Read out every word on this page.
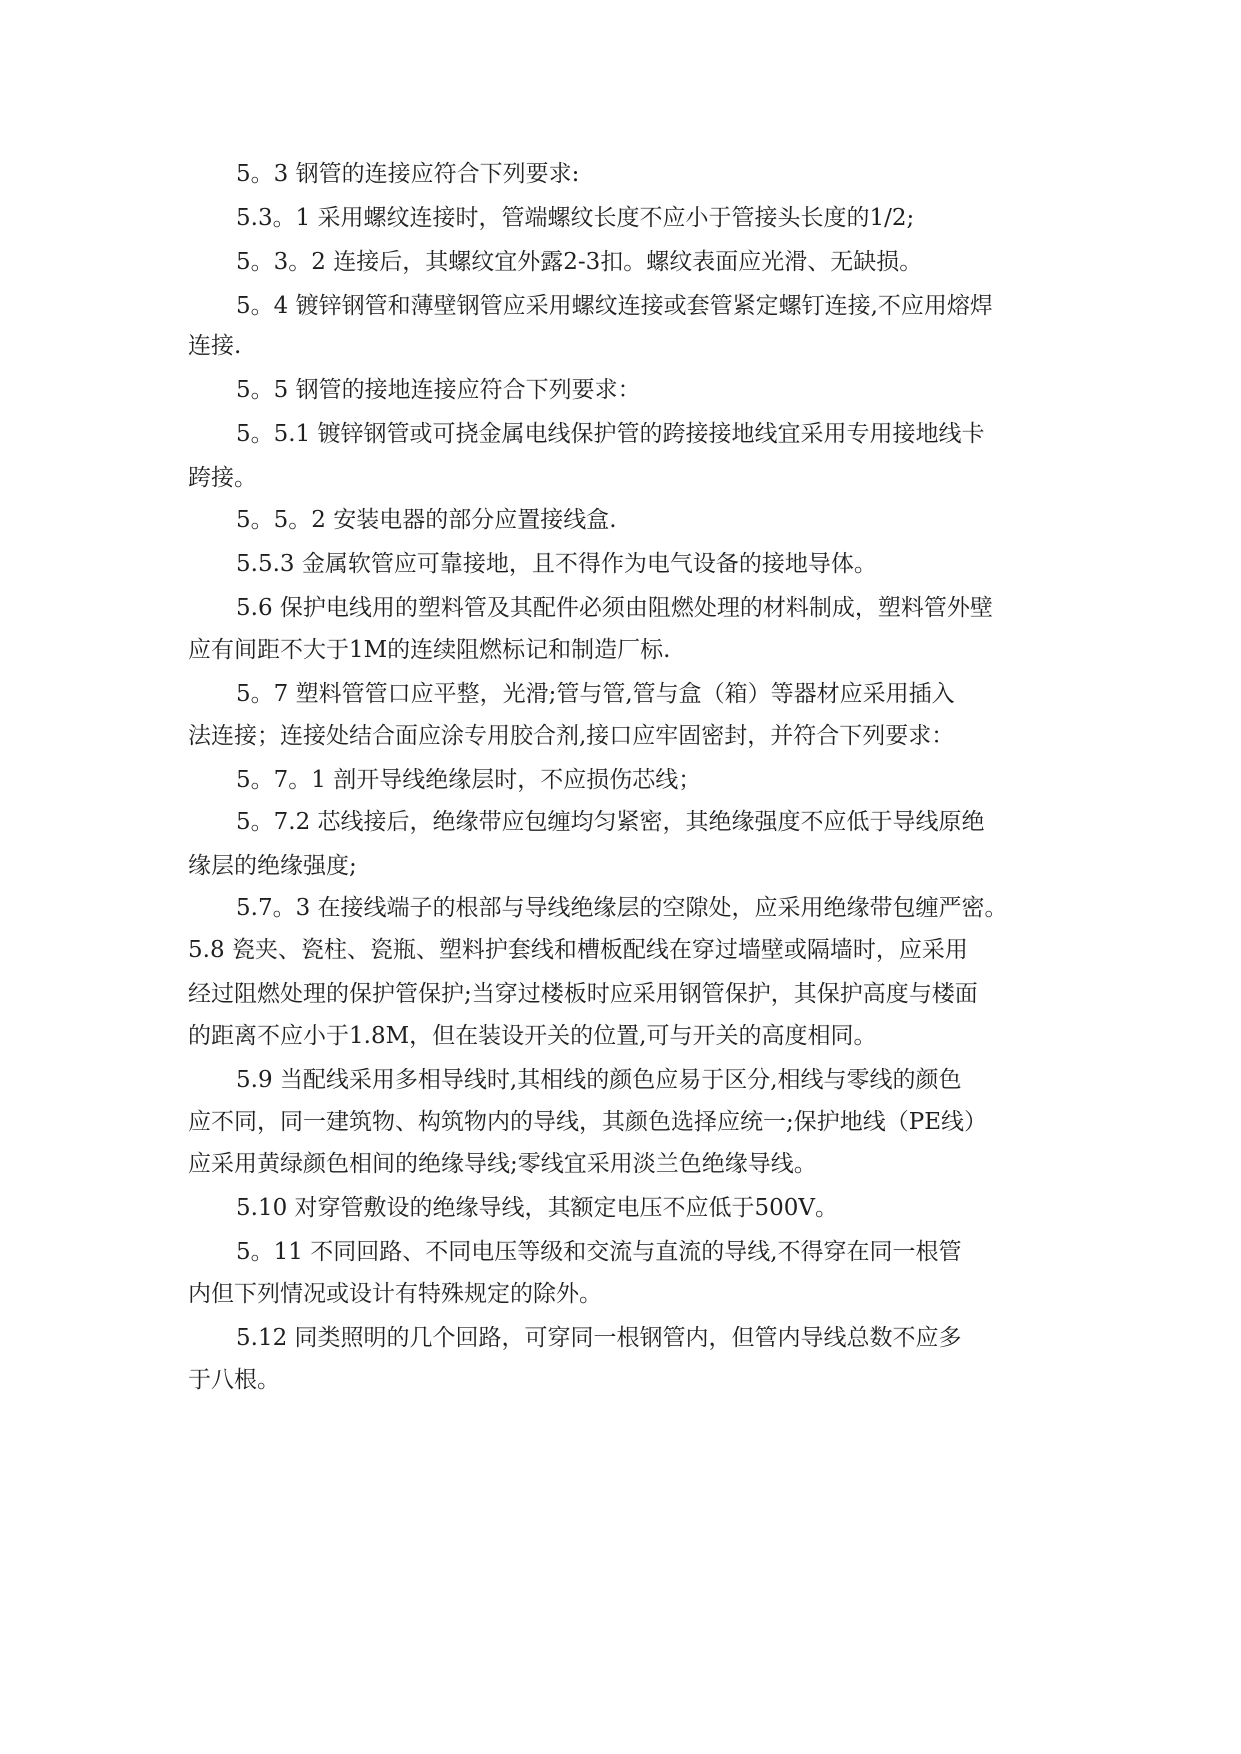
5。3 钢管的连接应符合下列要求:
5.3。1 采用螺纹连接时，管端螺纹长度不应小于管接头长度的1/2;
5。3。2 连接后，其螺纹宜外露2-3扣。螺纹表面应光滑、无缺损。
5。4 镀锌钢管和薄壁钢管应采用螺纹连接或套管紧定螺钉连接,不应用熔焊
连接.
5。5 钢管的接地连接应符合下列要求：
5。5.1 镀锌钢管或可挠金属电线保护管的跨接接地线宜采用专用接地线卡
跨接。
5。5。2 安装电器的部分应置接线盒.
5.5.3 金属软管应可靠接地，且不得作为电气设备的接地导体。
5.6 保护电线用的塑料管及其配件必须由阻燃处理的材料制成，塑料管外壁
应有间距不大于1M的连续阻燃标记和制造厂标.
5。7 塑料管管口应平整，光滑;管与管,管与盒（箱）等器材应采用插入
法连接；连接处结合面应涂专用胶合剂,接口应牢固密封，并符合下列要求：
5。7。1 剖开导线绝缘层时，不应损伤芯线；
5。7.2 芯线接后，绝缘带应包缠均匀紧密，其绝缘强度不应低于导线原绝
缘层的绝缘强度;
5.7。3 在接线端子的根部与导线绝缘层的空隙处，应采用绝缘带包缠严密。
5.8 瓷夹、瓷柱、瓷瓶、塑料护套线和槽板配线在穿过墙壁或隔墙时，应采用
经过阻燃处理的保护管保护;当穿过楼板时应采用钢管保护，其保护高度与楼面
的距离不应小于1.8M，但在装设开关的位置,可与开关的高度相同。
5.9 当配线采用多相导线时,其相线的颜色应易于区分,相线与零线的颜色
应不同，同一建筑物、构筑物内的导线，其颜色选择应统一;保护地线（PE线）
应采用黄绿颜色相间的绝缘导线;零线宜采用淡兰色绝缘导线。
5.10 对穿管敷设的绝缘导线，其额定电压不应低于500V。
5。11 不同回路、不同电压等级和交流与直流的导线,不得穿在同一根管
内但下列情况或设计有特殊规定的除外。
5.12 同类照明的几个回路，可穿同一根钢管内，但管内导线总数不应多
于八根。
